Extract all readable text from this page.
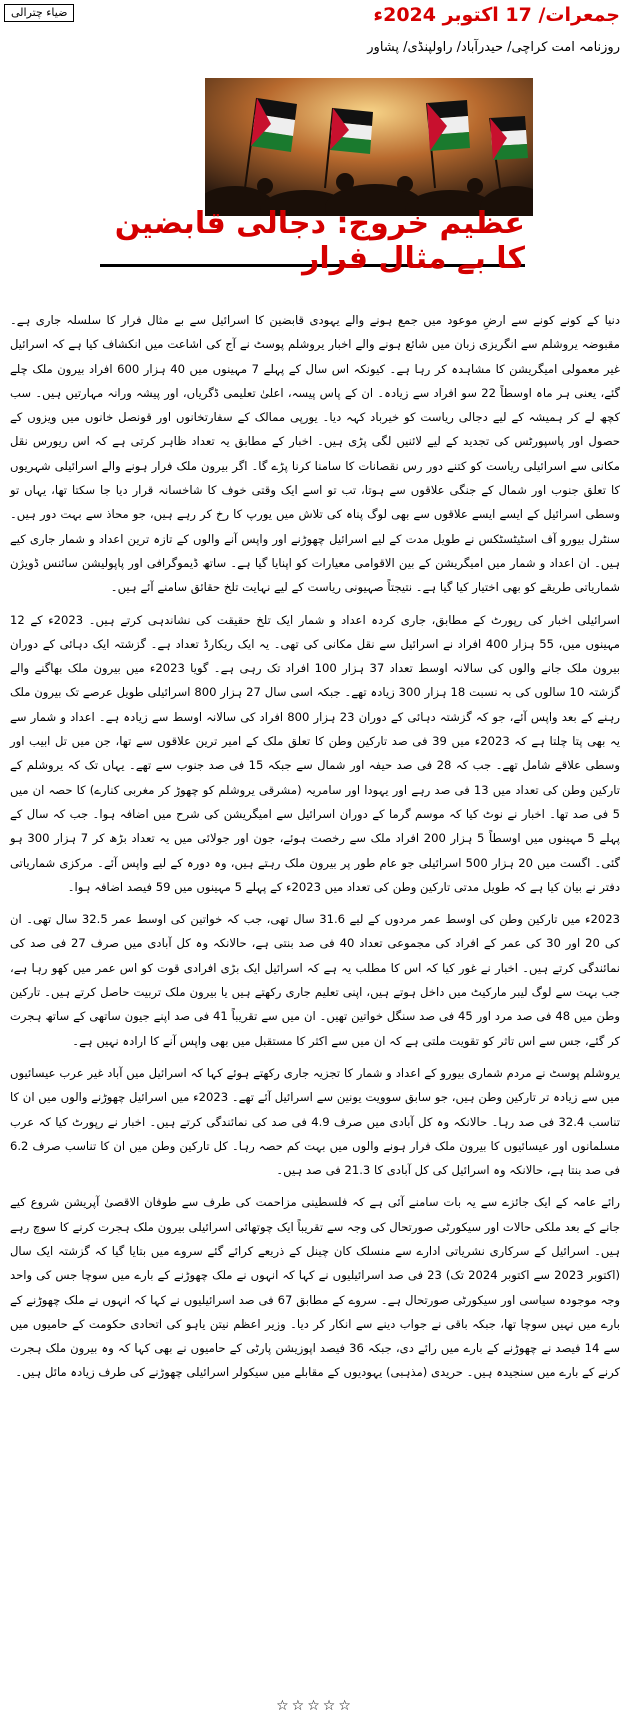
ضیاء چترالی	جمعرات/ 17 اکتوبر 2024ء
روزنامہ امت کراچی/ حیدرآباد/ راولپنڈی/ پشاور
عظیم خروج: دجالی قابضین کا بے مثال فرار

دنیا کے کونے کونے سے ارضِ موعود میں جمع ہونے والے یہودی قابضین کا اسرائیل سے بے مثال فرار کا سلسلہ جاری ہے۔ مقبوضہ یروشلم سے انگریزی زبان میں شائع ہونے والے اخبار یروشلم پوسٹ نے آج کی اشاعت میں انکشاف کیا ہے کہ اسرائیل غیر معمولی امیگریشن کا مشاہدہ کر رہا ہے۔ کیونکہ اس سال کے پہلے 7 مہینوں میں 40 ہزار 600 افراد بیرون ملک چلے گئے، یعنی ہر ماہ اوسطاً 22 سو افراد سے زیادہ۔ ان کے پاس پیسہ، اعلیٰ تعلیمی ڈگریاں، اور پیشہ ورانہ مہارتیں ہیں۔ سب کچھ لے کر ہمیشہ کے لیے دجالی ریاست کو خیرباد کہہ دیا۔ یورپی ممالک کے سفارتخانوں اور قونصل خانوں میں ویزوں کے حصول اور پاسپورٹس کی تجدید کے لیے لائنیں لگی پڑی ہیں۔ اخبار کے مطابق یہ تعداد ظاہر کرتی ہے کہ اس ریورس نقل مکانی سے اسرائیلی ریاست کو کتنے دور رس نقصانات کا سامنا کرنا پڑے گا۔ اگر بیرون ملک فرار ہونے والے اسرائیلی شہریوں کا تعلق جنوب اور شمال کے جنگی علاقوں سے ہوتا، تب تو اسے ایک وقتی خوف کا شاخسانہ قرار دیا جا سکتا تھا، یہاں تو وسطی اسرائیل کے ایسے ایسے علاقوں سے بھی لوگ پناہ کی تلاش میں یورپ کا رخ کر رہے ہیں، جو محاذ سے بہت دور ہیں۔ سنٹرل بیورو آف اسٹیٹسٹکس نے طویل مدت کے لیے اسرائیل چھوڑنے اور واپس آنے والوں کے تازہ ترین اعداد و شمار جاری کیے ہیں۔ ان اعداد و شمار میں امیگریشن کے بین الاقوامی معیارات کو اپنایا گیا ہے۔ ساتھ ڈیموگرافی اور پاپولیشن سائنس ڈویژن شماریاتی طریقے کو بھی اختیار کیا گیا ہے۔ نتیجتاً صہیونی ریاست کے لیے نہایت تلخ حقائق سامنے آئے ہیں۔

اسرائیلی اخبار کی رپورٹ کے مطابق، جاری کردہ اعداد و شمار ایک تلخ حقیقت کی نشاندہی کرتے ہیں۔ 2023ء کے 12 مہینوں میں، 55 ہزار 400 افراد نے اسرائیل سے نقل مکانی کی تھی۔ یہ ایک ریکارڈ تعداد ہے۔ گزشتہ ایک دہائی کے دوران بیرون ملک جانے والوں کی سالانہ اوسط تعداد 37 ہزار 100 افراد تک رہی ہے۔ گویا 2023ء میں بیرون ملک بھاگنے والے گزشتہ 10 سالوں کی بہ نسبت 18 ہزار 300 زیادہ تھے۔ جبکہ اسی سال 27 ہزار 800 اسرائیلی طویل عرصے تک بیرون ملک رہنے کے بعد واپس آئے، جو کہ گزشتہ دہائی کے دوران 23 ہزار 800 افراد کی سالانہ اوسط سے زیادہ ہے۔ اعداد و شمار سے یہ بھی پتا چلتا ہے کہ 2023ء میں 39 فی صد تارکین وطن کا تعلق ملک کے امیر ترین علاقوں سے تھا، جن میں تل ابیب اور وسطی علاقے شامل تھے۔ جب کہ 28 فی صد حیفہ اور شمال سے جبکہ 15 فی صد جنوب سے تھے۔ یہاں تک کہ یروشلم کے تارکین وطن کی تعداد میں 13 فی صد رہے اور یہودا اور سامریہ (مشرقی یروشلم کو چھوڑ کر مغربی کنارے) کا حصہ ان میں 5 فی صد تھا۔ اخبار نے نوٹ کیا کہ موسم گرما کے دوران اسرائیل سے امیگریشن کی شرح میں اضافہ ہوا۔ جب کہ سال کے پہلے 5 مہینوں میں اوسطاً 5 ہزار 200 افراد ملک سے رخصت ہوئے، جون اور جولائی میں یہ تعداد بڑھ کر 7 ہزار 300 ہو گئی۔ اگست میں 20 ہزار 500 اسرائیلی جو عام طور پر بیرون ملک رہتے ہیں، وہ دورہ کے لیے واپس آئے۔ مرکزی شماریاتی دفتر نے بیان کیا ہے کہ طویل مدتی تارکین وطن کی تعداد میں 2023ء کے پہلے 5 مہینوں میں 59 فیصد اضافہ ہوا۔

2023ء میں تارکین وطن کی اوسط عمر مردوں کے لیے 31.6 سال تھی، جب کہ خواتین کی اوسط عمر 32.5 سال تھی۔ ان کی 20 اور 30 کی عمر کے افراد کی مجموعی تعداد 40 فی صد بنتی ہے، حالانکہ وہ کل آبادی میں صرف 27 فی صد کی نمائندگی کرتے ہیں۔ اخبار نے غور کیا کہ اس کا مطلب یہ ہے کہ اسرائیل ایک بڑی افرادی قوت کو اس عمر میں کھو رہا ہے، جب بہت سے لوگ لیبر مارکیٹ میں داخل ہوتے ہیں، اپنی تعلیم جاری رکھتے ہیں یا بیرون ملک تربیت حاصل کرتے ہیں۔ تارکین وطن میں 48 فی صد مرد اور 45 فی صد سنگل خواتین تھیں۔ ان میں سے تقریباً 41 فی صد اپنے جیون ساتھی کے ساتھ ہجرت کر گئے، جس سے اس تاثر کو تقویت ملتی ہے کہ ان میں سے اکثر کا مستقبل میں بھی واپس آنے کا ارادہ نہیں ہے۔

یروشلم پوسٹ نے مردم شماری بیورو کے اعداد و شمار کا تجزیہ جاری رکھتے ہوئے کہا کہ اسرائیل میں آباد غیر عرب عیسائیوں میں سے زیادہ تر تارکین وطن ہیں، جو سابق سوویت یونین سے اسرائیل آئے تھے۔ 2023ء میں اسرائیل چھوڑنے والوں میں ان کا تناسب 32.4 فی صد رہا۔ حالانکہ وہ کل آبادی میں صرف 4.9 فی صد کی نمائندگی کرتے ہیں۔ اخبار نے رپورٹ کیا کہ عرب مسلمانوں اور عیسائیوں کا بیرون ملک فرار ہونے والوں میں بہت کم حصہ رہا۔ کل تارکین وطن میں ان کا تناسب صرف 6.2 فی صد بنتا ہے، حالانکہ وہ اسرائیل کی کل آبادی کا 21.3 فی صد ہیں۔

رائے عامہ کے ایک جائزے سے یہ بات سامنے آئی ہے کہ فلسطینی مزاحمت کی طرف سے طوفان الاقصیٰ آپریشن شروع کیے جانے کے بعد ملکی حالات اور سیکورٹی صورتحال کی وجہ سے تقریباً ایک چوتھائی اسرائیلی بیرون ملک ہجرت کرنے کا سوچ رہے ہیں۔ اسرائیل کے سرکاری نشریاتی ادارے سے منسلک کان چینل کے ذریعے کرائے گئے سروے میں بتایا گیا کہ گزشتہ ایک سال (اکتوبر 2023 سے اکتوبر 2024 تک) 23 فی صد اسرائیلیوں نے کہا کہ انہوں نے ملک چھوڑنے کے بارے میں سوچا جس کی واحد وجہ موجودہ سیاسی اور سیکورٹی صورتحال ہے۔ سروے کے مطابق 67 فی صد اسرائیلیوں نے کہا کہ انہوں نے ملک چھوڑنے کے بارے میں نہیں سوچا تھا، جبکہ باقی نے جواب دینے سے انکار کر دیا۔ وزیر اعظم نیتن یاہو کی اتحادی حکومت کے حامیوں میں سے 14 فیصد نے چھوڑنے کے بارے میں رائے دی، جبکہ 36 فیصد اپوزیشن پارٹی کے حامیوں نے بھی کہا کہ وہ بیرون ملک ہجرت کرنے کے بارے میں سنجیدہ ہیں۔ حریدی (مذہبی) یہودیوں کے مقابلے میں سیکولر اسرائیلی چھوڑنے کی طرف زیادہ مائل ہیں۔

☆☆☆☆☆
